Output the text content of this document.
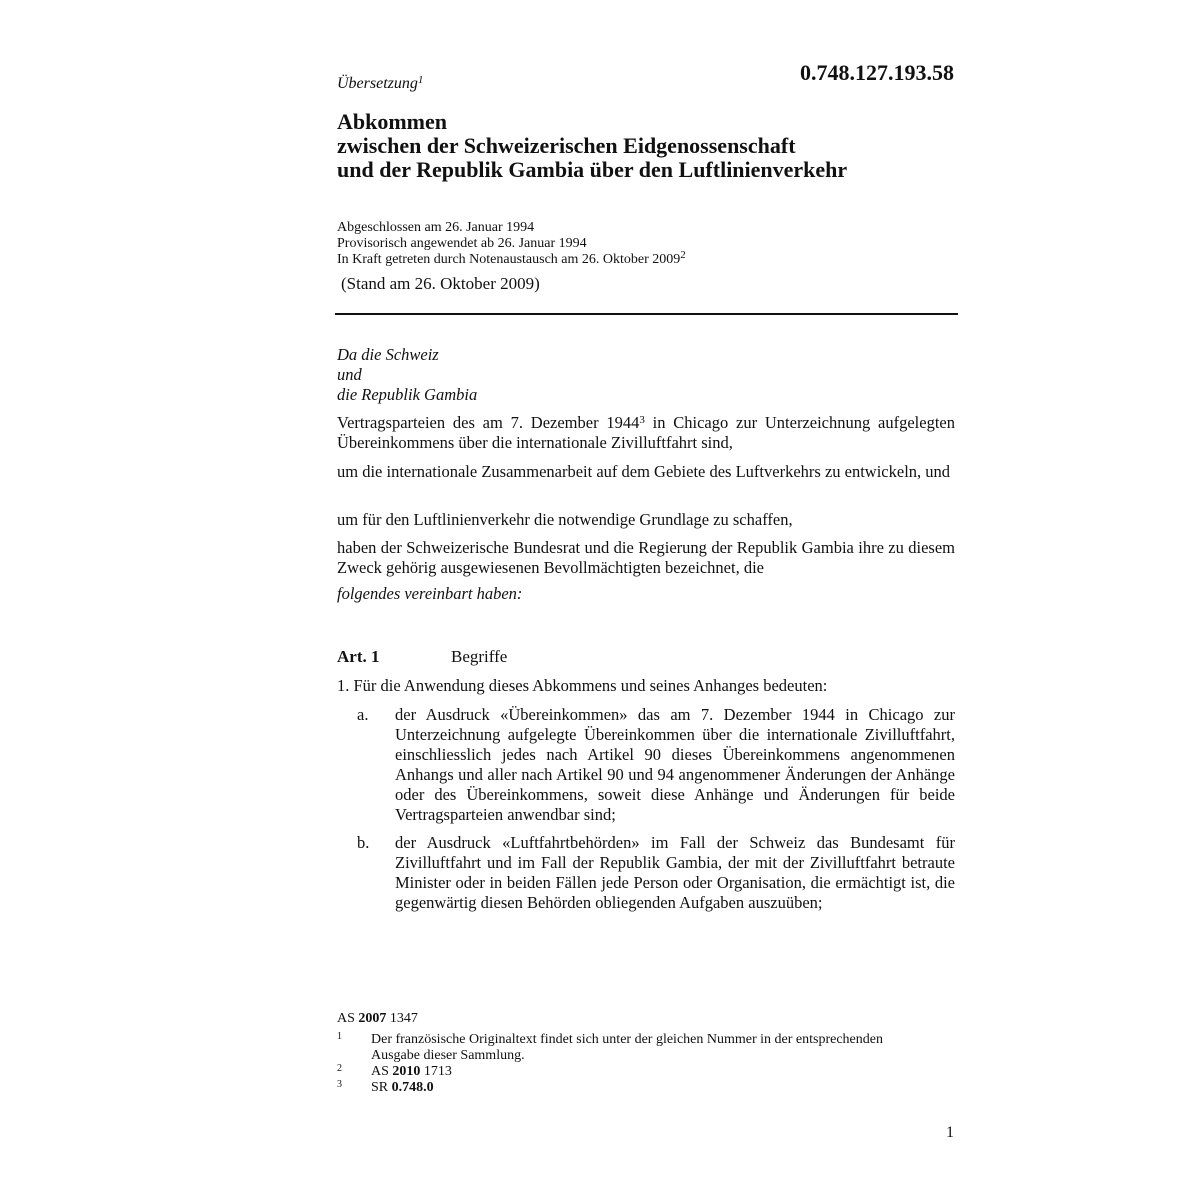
0.748.127.193.58
Übersetzung$^1$
Abkommen
zwischen der Schweizerischen Eidgenossenschaft
und der Republik Gambia über den Luftlinienverkehr
Abgeschlossen am 26. Januar 1994
Provisorisch angewendet ab 26. Januar 1994
In Kraft getreten durch Notenaustausch am 26. Oktober 2009$^2$
(Stand am 26. Oktober 2009)
Da die Schweiz
und
die Republik Gambia
Vertragsparteien des am 7. Dezember 1944$^3$ in Chicago zur Unterzeichnung aufgelegten Übereinkommens über die internationale Zivilluftfahrt sind,
um die internationale Zusammenarbeit auf dem Gebiete des Luftverkehrs zu entwickeln, und
um für den Luftlinienverkehr die notwendige Grundlage zu schaffen,
haben der Schweizerische Bundesrat und die Regierung der Republik Gambia ihre zu diesem Zweck gehörig ausgewiesenen Bevollmächtigten bezeichnet, die
folgendes vereinbart haben:
Art. 1	Begriffe
1. Für die Anwendung dieses Abkommens und seines Anhanges bedeuten:
a.	der Ausdruck «Übereinkommen» das am 7. Dezember 1944 in Chicago zur Unterzeichnung aufgelegte Übereinkommen über die internationale Zivilluftfahrt, einschliesslich jedes nach Artikel 90 dieses Übereinkommens angenommenen Anhangs und aller nach Artikel 90 und 94 angenommener Änderungen der Anhänge oder des Übereinkommens, soweit diese Anhänge und Änderungen für beide Vertragsparteien anwendbar sind;
b.	der Ausdruck «Luftfahrtbehörden» im Fall der Schweiz das Bundesamt für Zivilluftfahrt und im Fall der Republik Gambia, der mit der Zivilluftfahrt betraute Minister oder in beiden Fällen jede Person oder Organisation, die ermächtigt ist, die gegenwärtig diesen Behörden obliegenden Aufgaben auszuüben;
AS 2007 1347
1 Der französische Originaltext findet sich unter der gleichen Nummer in der entsprechenden Ausgabe dieser Sammlung.
2 AS 2010 1713
3 SR 0.748.0
1
